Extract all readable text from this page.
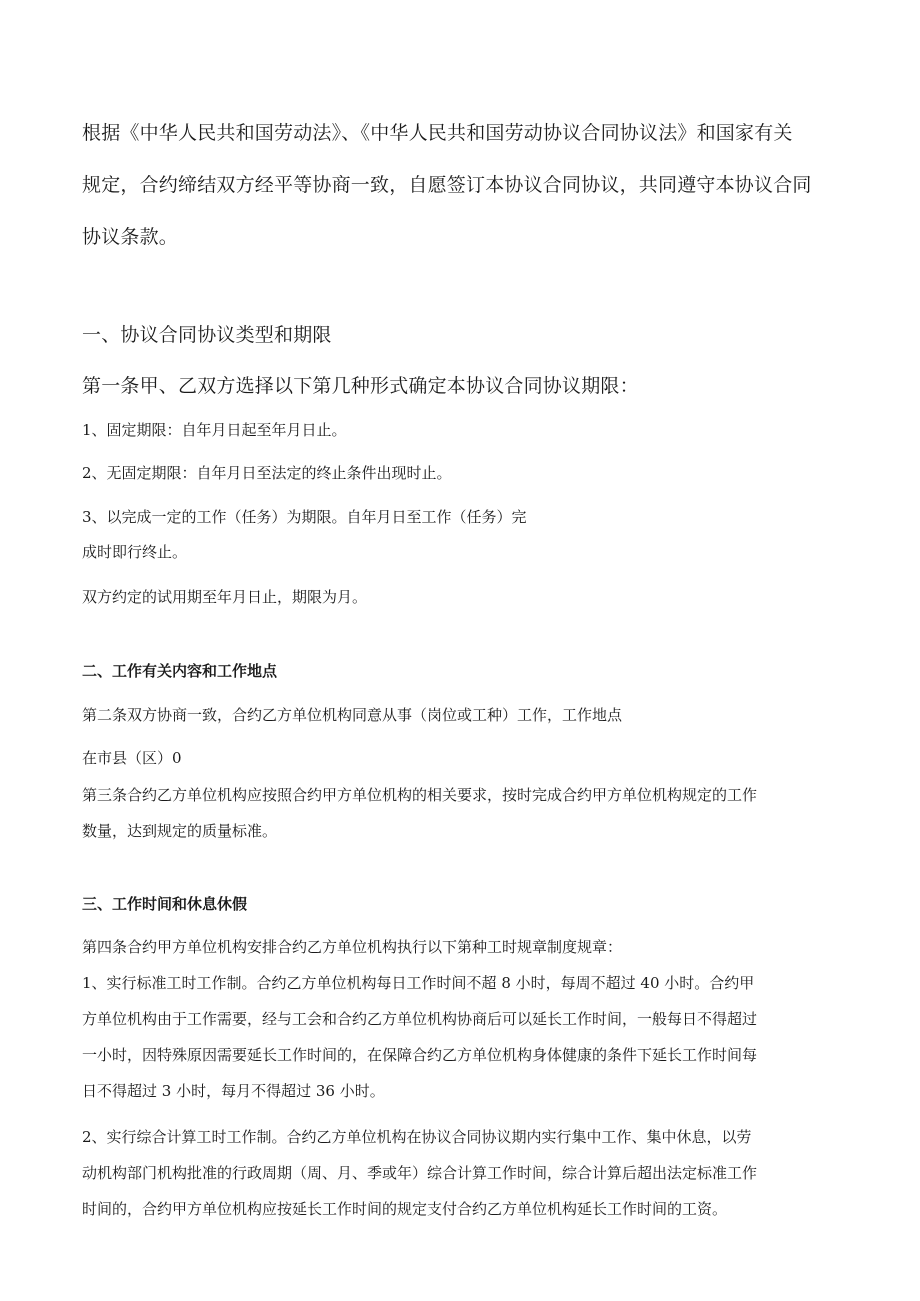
根据《中华人民共和国劳动法》、《中华人民共和国劳动协议合同协议法》和国家有关

规定，合约缔结双方经平等协商一致，自愿签订本协议合同协议，共同遵守本协议合同

协议条款。

一、协议合同协议类型和期限

第一条甲、乙双方选择以下第几种形式确定本协议合同协议期限：

1、固定期限：自年月日起至年月日止。

2、无固定期限：自年月日至法定的终止条件出现时止。

3、以完成一定的工作（任务）为期限。自年月日至工作（任务）完

成时即行终止。

双方约定的试用期至年月日止，期限为月。

二、工作有关内容和工作地点

第二条双方协商一致，合约乙方单位机构同意从事（岗位或工种）工作，工作地点

在市县（区）0

第三条合约乙方单位机构应按照合约甲方单位机构的相关要求，按时完成合约甲方单位机构规定的工作

数量，达到规定的质量标准。

三、工作时间和休息休假

第四条合约甲方单位机构安排合约乙方单位机构执行以下第种工时规章制度规章：

1、实行标准工时工作制。合约乙方单位机构每日工作时间不超 8 小时，每周不超过 40 小时。合约甲

方单位机构由于工作需要，经与工会和合约乙方单位机构协商后可以延长工作时间，一般每日不得超过

一小时，因特殊原因需要延长工作时间的，在保障合约乙方单位机构身体健康的条件下延长工作时间每

日不得超过 3 小时，每月不得超过 36 小时。

2、实行综合计算工时工作制。合约乙方单位机构在协议合同协议期内实行集中工作、集中休息，以劳

动机构部门机构批准的行政周期（周、月、季或年）综合计算工作时间，综合计算后超出法定标准工作

时间的，合约甲方单位机构应按延长工作时间的规定支付合约乙方单位机构延长工作时间的工资。
